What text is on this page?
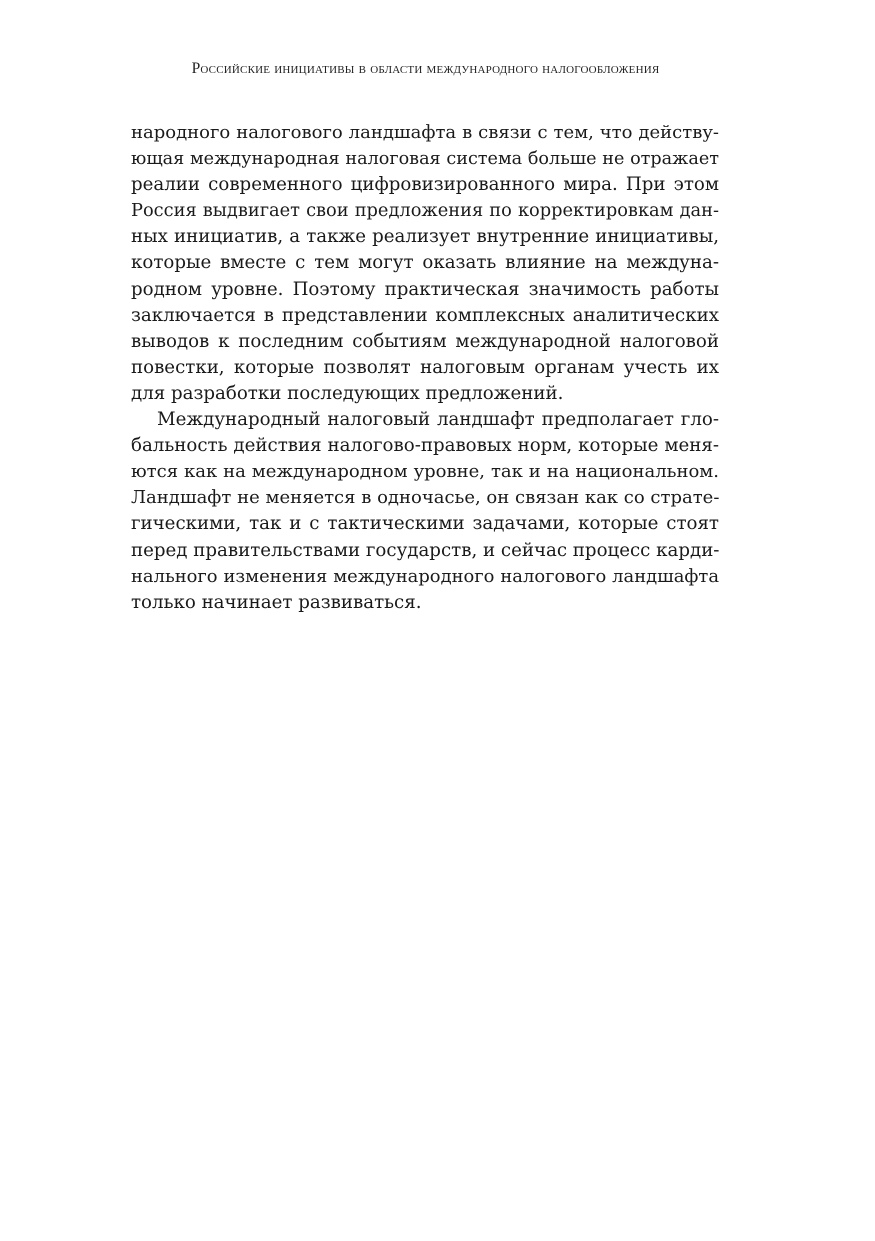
Российские инициативы в области международного налогообложения
народного налогового ландшафта в связи с тем, что действу-
ющая международная налоговая система больше не отражает
реалии современного цифровизированного мира. При этом
Россия выдвигает свои предложения по корректировкам дан-
ных инициатив, а также реализует внутренние инициативы,
которые вместе с тем могут оказать влияние на междуна-
родном уровне. Поэтому практическая значимость работы
заключается в представлении комплексных аналитических
выводов к последним событиям международной налоговой
повестки, которые позволят налоговым органам учесть их
для разработки последующих предложений.
Международный налоговый ландшафт предполагает гло-
бальность действия налогово-правовых норм, которые меня-
ются как на международном уровне, так и на национальном.
Ландшафт не меняется в одночасье, он связан как со страте-
гическими, так и с тактическими задачами, которые стоят
перед правительствами государств, и сейчас процесс карди-
нального изменения международного налогового ландшафта
только начинает развиваться.
